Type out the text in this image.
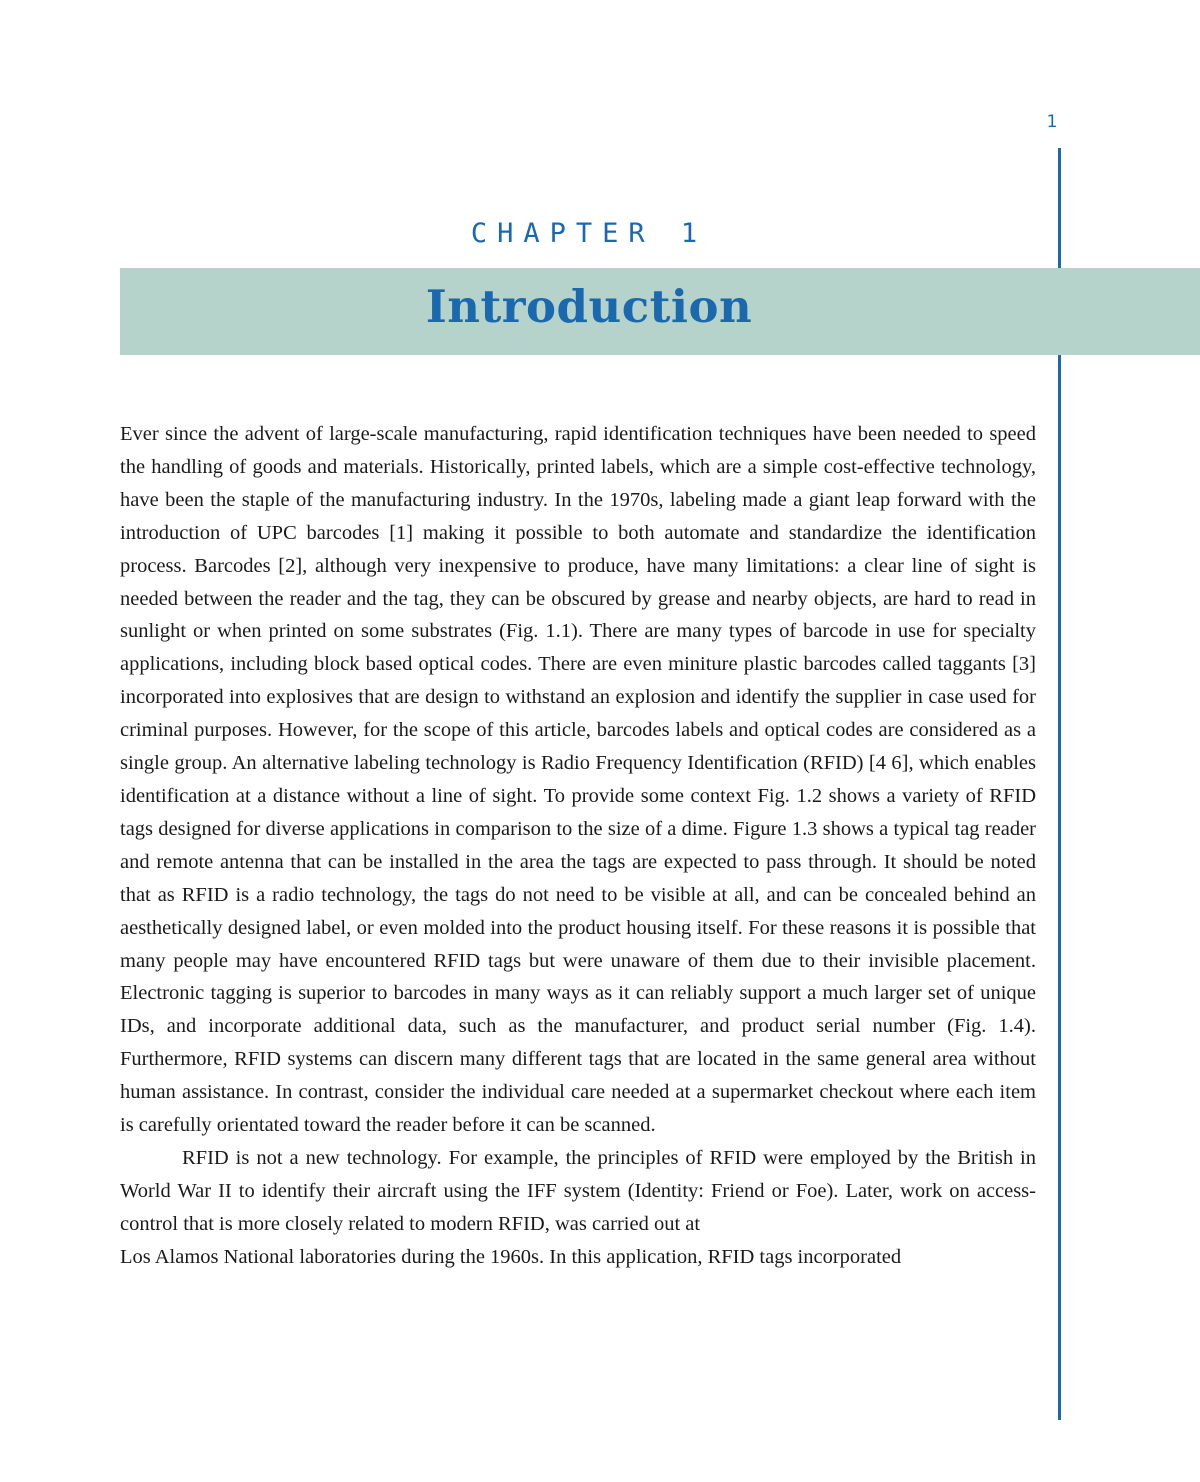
1
CHAPTER 1
Introduction

Ever since the advent of large-scale manufacturing, rapid identification techniques have been needed to speed the handling of goods and materials. Historically, printed labels, which are a simple cost-effective technology, have been the staple of the manufacturing industry. In the 1970s, labeling made a giant leap forward with the introduction of UPC barcodes [1] making it possible to both automate and standardize the identification process. Barcodes [2], although very inexpensive to produce, have many limitations: a clear line of sight is needed between the reader and the tag, they can be obscured by grease and nearby objects, are hard to read in sunlight or when printed on some substrates (Fig. 1.1). There are many types of barcode in use for specialty applications, including block based optical codes. There are even miniture plastic barcodes called taggants [3] incorporated into explosives that are design to withstand an explosion and identify the supplier in case used for criminal purposes. However, for the scope of this article, barcodes labels and optical codes are considered as a single group. An alternative labeling technology is Radio Frequency Identification (RFID) [4 6], which enables identification at a distance without a line of sight. To provide some context Fig. 1.2 shows a variety of RFID tags designed for diverse applications in comparison to the size of a dime. Figure 1.3 shows a typical tag reader and remote antenna that can be installed in the area the tags are expected to pass through. It should be noted that as RFID is a radio technology, the tags do not need to be visible at all, and can be concealed behind an aesthetically designed label, or even molded into the product housing itself. For these reasons it is possible that many people may have encountered RFID tags but were unaware of them due to their invisible placement. Electronic tagging is superior to barcodes in many ways as it can reliably support a much larger set of unique IDs, and incorporate additional data, such as the manufacturer, and product serial number (Fig. 1.4). Furthermore, RFID systems can discern many different tags that are located in the same general area without human assistance. In contrast, consider the individual care needed at a supermarket checkout where each item is carefully orientated toward the reader before it can be scanned.

RFID is not a new technology. For example, the principles of RFID were employed by the British in World War II to identify their aircraft using the IFF system (Identity: Friend or Foe). Later, work on access-control that is more closely related to modern RFID, was carried out at

Los Alamos National laboratories during the 1960s. In this application, RFID tags incorporated
